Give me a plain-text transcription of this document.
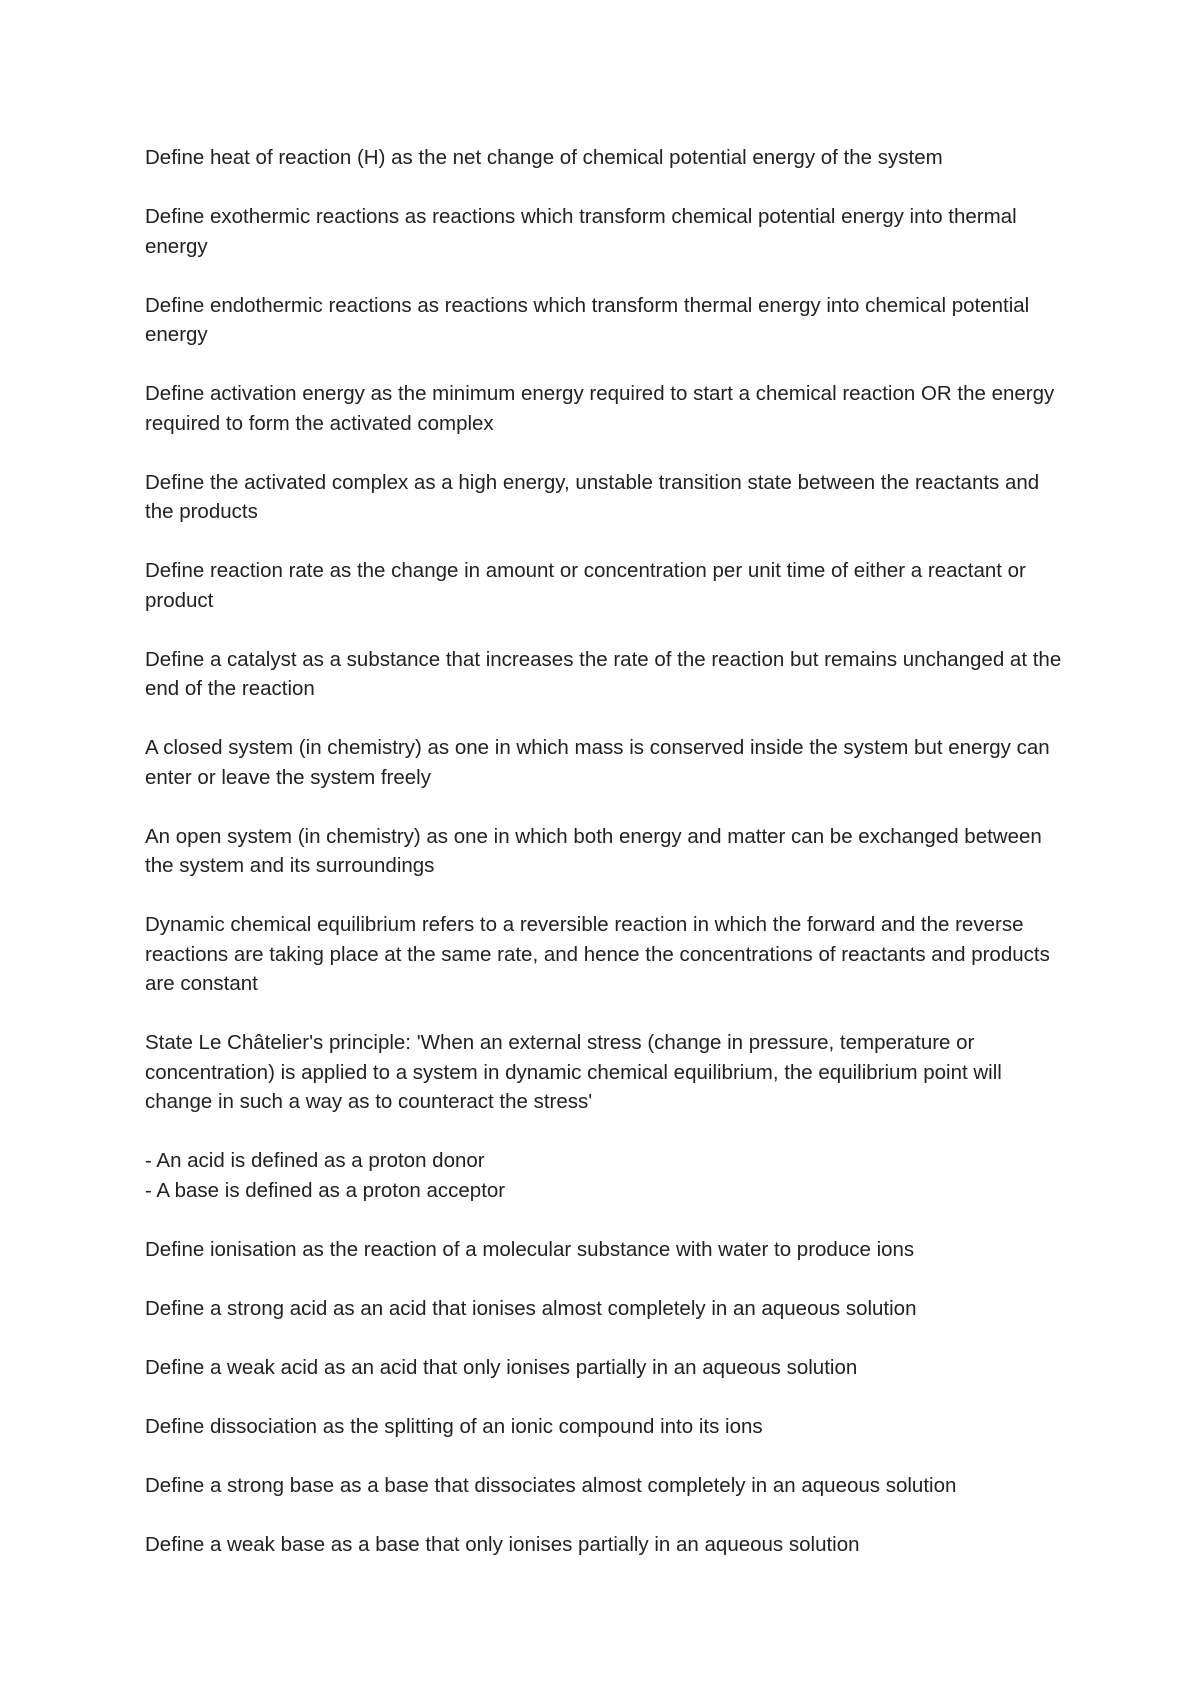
Define heat of reaction (H) as the net change of chemical potential energy of the system

Define exothermic reactions as reactions which transform chemical potential energy into thermal energy

Define endothermic reactions as reactions which transform thermal energy into chemical potential energy

Define activation energy as the minimum energy required to start a chemical reaction OR the energy required to form the activated complex

Define the activated complex as a high energy, unstable transition state between the reactants and the products

Define reaction rate as the change in amount or concentration per unit time of either a reactant or product

Define a catalyst as a substance that increases the rate of the reaction but remains unchanged at the end of the reaction

A closed system (in chemistry) as one in which mass is conserved inside the system but energy can enter or leave the system freely

An open system (in chemistry) as one in which both energy and matter can be exchanged between the system and its surroundings

Dynamic chemical equilibrium refers to a reversible reaction in which the forward and the reverse reactions are taking place at the same rate, and hence the concentrations of reactants and products are constant

State Le Châtelier's principle: 'When an external stress (change in pressure, temperature or concentration) is applied to a system in dynamic chemical equilibrium, the equilibrium point will change in such a way as to counteract the stress'

- An acid is defined as a proton donor
- A base is defined as a proton acceptor

Define ionisation as the reaction of a molecular substance with water to produce ions

Define a strong acid as an acid that ionises almost completely in an aqueous solution

Define a weak acid as an acid that only ionises partially in an aqueous solution

Define dissociation as the splitting of an ionic compound into its ions

Define a strong base as a base that dissociates almost completely in an aqueous solution

Define a weak base as a base that only ionises partially in an aqueous solution
